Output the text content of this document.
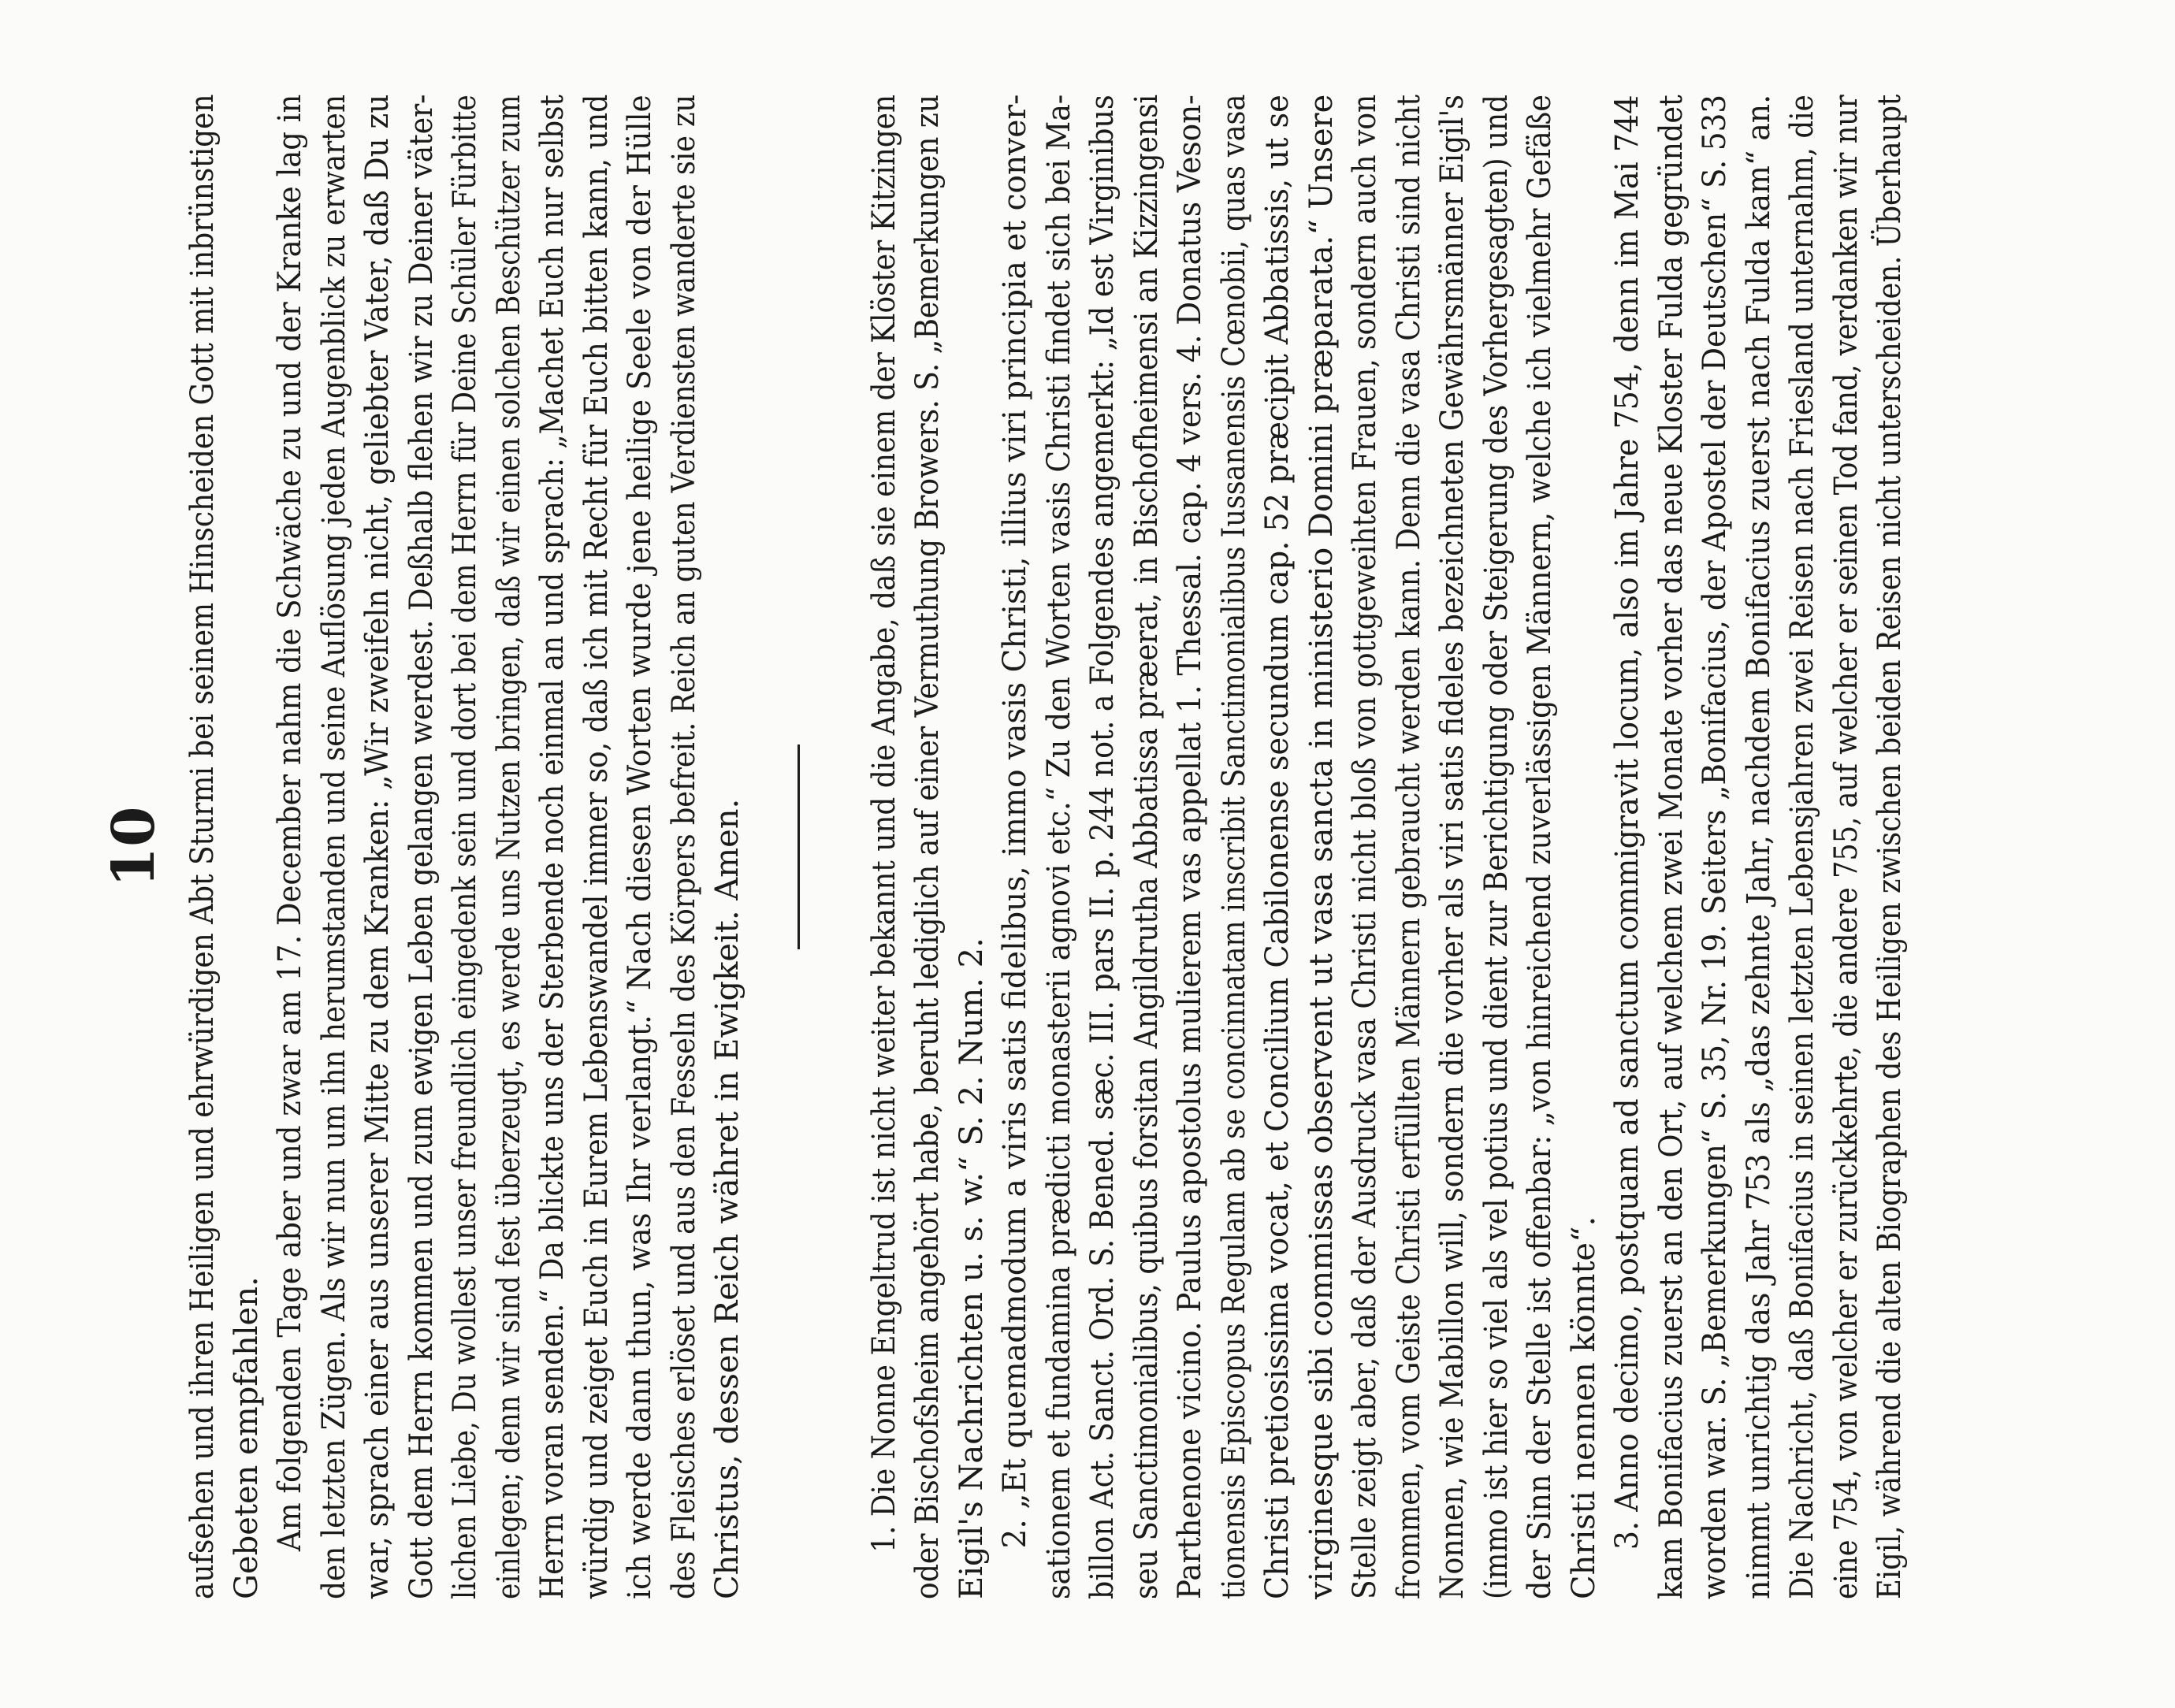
10 aufsehen und ihren Heiligen und ehrwürdigen Abt Sturmi bei seinem Hinscheiden Gott mit inbrünstigen Gebeten empfahlen. Am folgenden Tage aber und zwar am 17. December nahm die Schwäche zu und der Kranke lag in den letzten Zügen. Als wir nun um ihn herumstanden und seine Auflösung jeden Augenblick zu erwarten war, sprach einer aus unserer Mitte zu dem Kranken: „Wir zweifeln nicht, geliebter Vater, daß Du zu Gott dem Herrn kommen und zum ewigen Leben gelangen werdest. Deßhalb flehen wir zu Deiner väter- lichen Liebe, Du wollest unser freundlich eingedenk sein und dort bei dem Herrn für Deine Schüler Fürbitte einlegen; denn wir sind fest überzeugt, es werde uns Nutzen bringen, daß wir einen solchen Beschützer zum Herrn voran senden.“ Da blickte uns der Sterbende noch einmal an und sprach: „Machet Euch nur selbst würdig und zeiget Euch in Eurem Lebenswandel immer so, daß ich mit Recht für Euch bitten kann, und ich werde dann thun, was Ihr verlangt.“ Nach diesen Worten wurde jene heilige Seele von der Hülle des Fleisches erlöset und aus den Fesseln des Körpers befreit. Reich an guten Verdiensten wanderte sie zu Christus, dessen Reich währet in Ewigkeit. Amen.	1. Die Nonne Engeltrud ist nicht weiter bekannt und die Angabe, daß sie einem der Klöster Kitzingen oder Bischofsheim angehört habe, beruht lediglich auf einer Vermuthung Browers. S. „Bemerkungen zu Eigil's Nachrichten u. s. w.“ S. 2. Num. 2. 2. „Et quemadmodum a viris satis fidelibus, immo vasis Christi, illius viri principia et conver- sationem et fundamina prædicti monasterii agnovi etc.“ Zu den Worten vasis Christi findet sich bei Ma- billon Act. Sanct. Ord. S. Bened. sæc. III. pars II. p. 244 not. a Folgendes angemerkt: „Id est Virginibus seu Sanctimonialibus, quibus forsitan Angildrutha Abbatissa præerat, in Bischofheimensi an Kizzingensi Parthenone vicino. Paulus apostolus mulierem vas appellat 1. Thessal. cap. 4 vers. 4. Donatus Veson- tionensis Episcopus Regulam ab se concinnatam inscribit Sanctimonialibus Iussanensis Cœnobii, quas vasa Christi pretiosissima vocat, et Concilium Cabilonense secundum cap. 52 præcipit Abbatissis, ut se virginesque sibi commissas observent ut vasa sancta in ministerio Domini præparata.“ Unsere Stelle zeigt aber, daß der Ausdruck vasa Christi nicht bloß von gottgeweihten Frauen, sondern auch von frommen, vom Geiste Christi erfüllten Männern gebraucht werden kann. Denn die vasa Christi sind nicht Nonnen, wie Mabillon will, sondern die vorher als viri satis fideles bezeichneten Gewährsmänner Eigil's (immo ist hier so viel als vel potius und dient zur Berichtigung oder Steigerung des Vorhergesagten) und der Sinn der Stelle ist offenbar: „von hinreichend zuverlässigen Männern, welche ich vielmehr Gefäße Christi nennen könnte“. 3. Anno decimo, postquam ad sanctum commigravit locum, also im Jahre 754, denn im Mai 744 kam Bonifacius zuerst an den Ort, auf welchem zwei Monate vorher das neue Kloster Fulda gegründet worden war. S. „Bemerkungen“ S. 35, Nr. 19. Seiters „Bonifacius, der Apostel der Deutschen“ S. 533 nimmt unrichtig das Jahr 753 als „das zehnte Jahr, nachdem Bonifacius zuerst nach Fulda kam“ an. Die Nachricht, daß Bonifacius in seinen letzten Lebensjahren zwei Reisen nach Friesland unternahm, die eine 754, von welcher er zurückkehrte, die andere 755, auf welcher er seinen Tod fand, verdanken wir nur Eigil, während die alten Biographen des Heiligen zwischen beiden Reisen nicht unterscheiden. Überhaupt
